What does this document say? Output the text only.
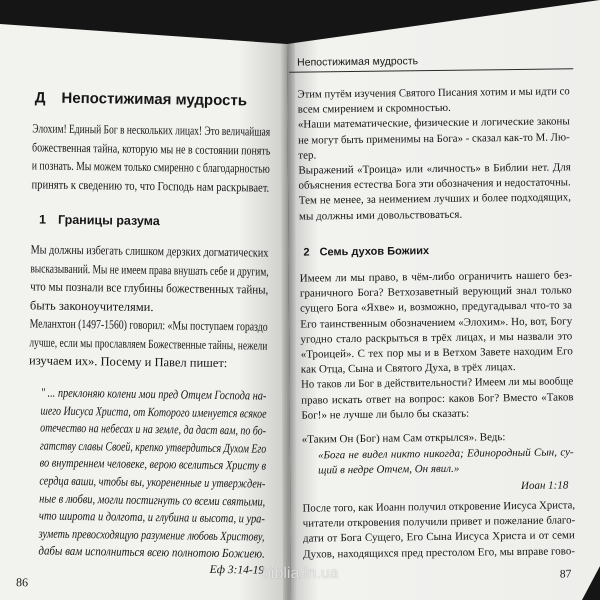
Д Непостижимая мудрость
Элохим! Единый Бог в нескольких лицах! Это величайшая
божественная тайна, которую мы не в состоянии понять
и познать. Мы можем только смиренно с благодарностью
принять к сведению то, что Господь нам раскрывает.
1 Границы разума
Мы должны избегать слишком дерзких догматических
высказываний. Мы не имеем права внушать себе и другим,
что мы познали все глубины божественных тайны,
быть законоучителями.
Меланхтон (1497-1560) говорил: «Мы поступаем гораздо
лучше, если мы прославляем Божественные тайны, нежели
изучаем их». Посему и Павел пишет:
" ... преклоняю колени мои пред Отцем Господа на-
шего Иисуса Христа, от Которого именуется всякое
отечество на небесах и на земле, да даст вам, по бо-
гатству славы Своей, крепко утвердиться Духом Его
во внутреннем человеке, верою вселиться Христу в
сердца ваши, чтобы вы, укорененные и утвержден-
ные в любви, могли постигнуть со всеми святыми,
что широта и долгота, и глубина и высота, и ура-
зуметь превосходящую разумение любовь Христову,
дабы вам исполниться всею полнотою Божиею.
Еф 3:14-19
86
Непостижимая мудрость
Этим путём изучения Святого Писания хотим и мы идти со
всем смирением и скромностью.
«Наши математические, физические и логические законы
не могут быть применимы на Бога» - сказал как-то М. Лю-
тер.
Выражений «Троица» или «личность» в Библии нет. Для
объяснения естества Бога эти обозначения и недостаточны.
Тем не менее, за неимением лучших и более подходящих,
мы должны ими довольствоваться.
2 Семь духов Божиих
Имеем ли мы право, в чём-либо ограничить нашего без-
граничного Бога? Ветхозаветный верующий знал только
сущего Бога «Яхве» и, возможно, предугадывал что-то за
Его таинственным обозначением «Элохим». Но, вот, Богу
угодно стало раскрыться в трёх лицах, и мы назвали это
«Троицей». С тех пор мы и в Ветхом Завете находим Его
как Отца, Сына и Святого Духа, в трёх лицах.
Но таков ли Бог в действительности? Имеем ли мы вообще
право искать ответ на вопрос: каков Бог? Вместо «Таков
Бог!» не лучше ли было бы сказать:
«Таким Он (Бог) нам Сам открылся». Ведь:
«Бога не видел никто никогда; Единородный Сын, су-
щий в недре Отчем, Он явил.»
Иоан 1:18
После того, как Иоанн получил откровение Иисуса Христа,
читатели откровения получили привет и пожелание благо-
дати от Бога Сущего, Его Сына Иисуса Христа и от семи
Духов, находящихся пред престолом Его, мы вправе гово-
87
biblia.in.ua
